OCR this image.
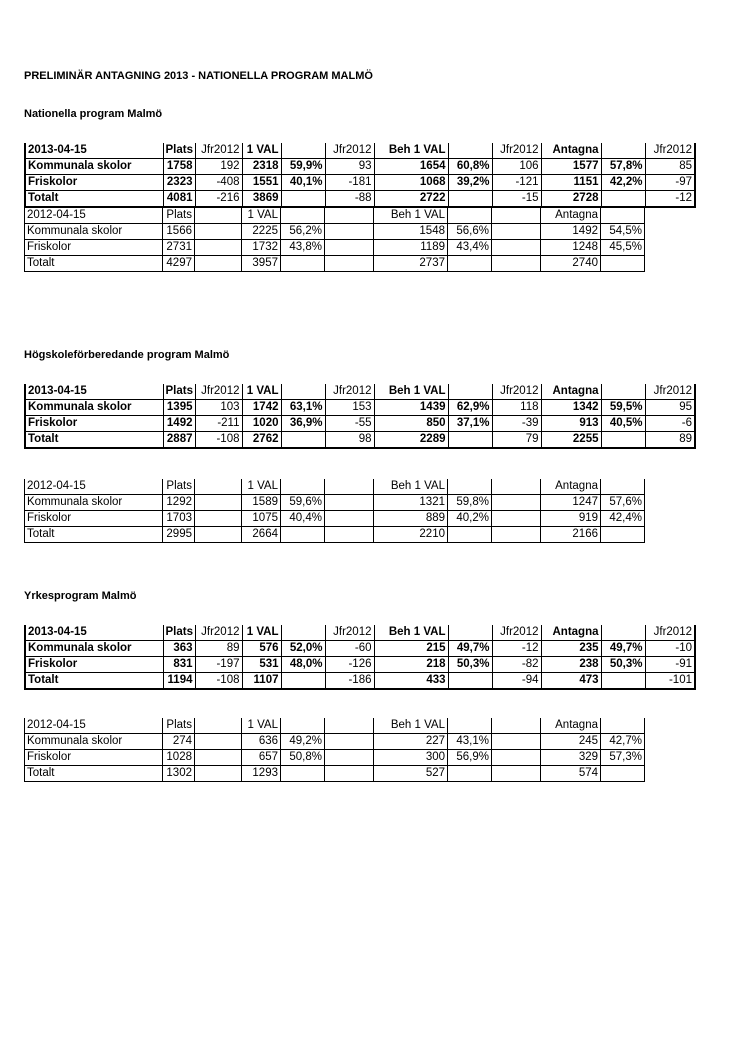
PRELIMINÄR ANTAGNING 2013 - NATIONELLA PROGRAM MALMÖ
Nationella program Malmö
2013-04-15	Plats	Jfr2012	1 VAL		Jfr2012	Beh 1 VAL		Jfr2012	Antagna		Jfr2012
Kommunala skolor	1758	192	2318	59,9%	93	1654	60,8%	106	1577	57,8%	85
Friskolor	2323	-408	1551	40,1%	-181	1068	39,2%	-121	1151	42,2%	-97
Totalt	4081	-216	3869		-88	2722		-15	2728		-12
2012-04-15	Plats		1 VAL			Beh 1 VAL			Antagna	
Kommunala skolor	1566		2225	56,2%		1548	56,6%		1492	54,5%
Friskolor	2731		1732	43,8%		1189	43,4%		1248	45,5%
Totalt	4297		3957			2737			2740	
Högskoleförberedande program Malmö
2013-04-15	Plats	Jfr2012	1 VAL		Jfr2012	Beh 1 VAL		Jfr2012	Antagna		Jfr2012
Kommunala skolor	1395	103	1742	63,1%	153	1439	62,9%	118	1342	59,5%	95
Friskolor	1492	-211	1020	36,9%	-55	850	37,1%	-39	913	40,5%	-6
Totalt	2887	-108	2762		98	2289		79	2255		89
2012-04-15	Plats		1 VAL			Beh 1 VAL			Antagna	
Kommunala skolor	1292		1589	59,6%		1321	59,8%		1247	57,6%
Friskolor	1703		1075	40,4%		889	40,2%		919	42,4%
Totalt	2995		2664			2210			2166	
Yrkesprogram Malmö
2013-04-15	Plats	Jfr2012	1 VAL		Jfr2012	Beh 1 VAL		Jfr2012	Antagna		Jfr2012
Kommunala skolor	363	89	576	52,0%	-60	215	49,7%	-12	235	49,7%	-10
Friskolor	831	-197	531	48,0%	-126	218	50,3%	-82	238	50,3%	-91
Totalt	1194	-108	1107		-186	433		-94	473		-101
2012-04-15	Plats		1 VAL			Beh 1 VAL			Antagna	
Kommunala skolor	274		636	49,2%		227	43,1%		245	42,7%
Friskolor	1028		657	50,8%		300	56,9%		329	57,3%
Totalt	1302		1293			527			574	
